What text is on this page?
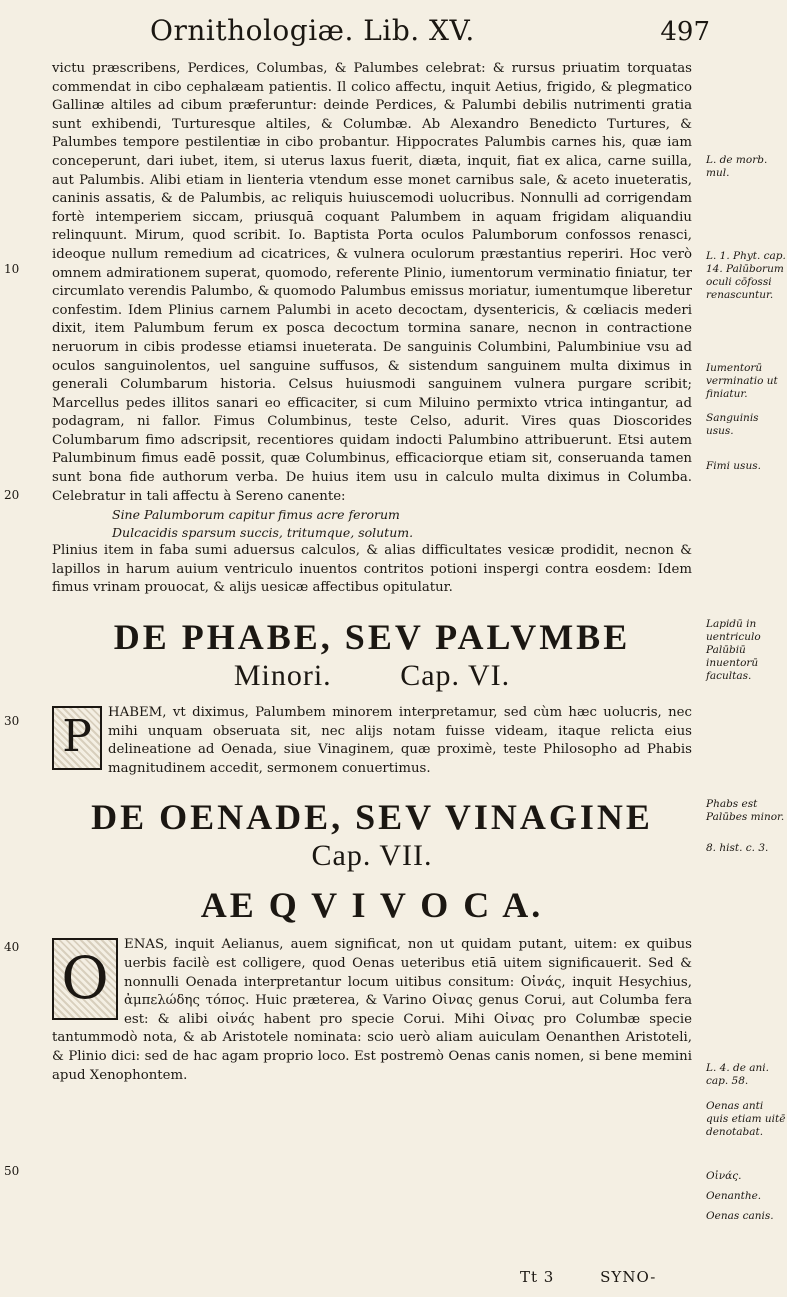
Ornithologiæ. Lib. XV.	497
10
20
30
40
50

victu præscribens, Perdices, Columbas, & Palumbes celebrat: & rursus priuatim torquatas commendat in cibo cephalæam patientis. Il colico affectu, inquit Aetius, frigido, & plegmatico Gallinæ altiles ad cibum præferuntur: deinde Perdices, & Palumbi debilis nutrimenti gratia sunt exhibendi, Turturesque altiles, & Columbæ. Ab Alexandro Benedicto Turtures, & Palumbes tempore pestilentiæ in cibo probantur. Hippocrates Palumbis carnes his, quæ iam conceperunt, dari iubet, item, si uterus laxus fuerit, diæta, inquit, fiat ex alica, carne suilla, aut Palumbis. Alibi etiam in lienteria vtendum esse monet carnibus sale, & aceto inueteratis, caninis assatis, & de Palumbis, ac reliquis huiuscemodi uolucribus. Nonnulli ad corrigendam fortè intemperiem siccam, priusquā coquant Palumbem in aquam frigidam aliquandiu relinquunt. Mirum, quod scribit. Io. Baptista Porta oculos Palumborum confossos renasci, ideoque nullum remedium ad cicatrices, & vulnera oculorum præstantius reperiri. Hoc verò omnem admirationem superat, quomodo, referente Plinio, iumentorum verminatio finiatur, ter circumlato verendis Palumbo, & quomodo Palumbus emissus moriatur, iumentumque liberetur confestim. Idem Plinius carnem Palumbi in aceto decoctam, dysentericis, & cœliacis mederi dixit, item Palumbum ferum ex posca decoctum tormina sanare, necnon in contractione neruorum in cibis prodesse etiamsi inueterata. De sanguinis Columbini, Palumbiniue vsu ad oculos sanguinolentos, uel sanguine suffusos, & sistendum sanguinem multa diximus in generali Columbarum historia. Celsus huiusmodi sanguinem vulnera purgare scribit; Marcellus pedes illitos sanari eo efficaciter, si cum Miluino permixto vtrica intingantur, ad podagram, ni fallor. Fimus Columbinus, teste Celso, adurit. Vires quas Dioscorides Columbarum fimo adscripsit, recentiores quidam indocti Palumbino attribuerunt. Etsi autem Palumbinum fimus eadē possit, quæ Columbinus, efficaciorque etiam sit, conseruanda tamen sunt bona fide authorum verba. De huius item usu in calculo multa diximus in Columba. Celebratur in tali affectu à Sereno canente:

Sine Palumborum capitur fimus acre ferorum

Dulcacidis sparsum succis, tritumque, solutum.

Plinius item in faba sumi aduersus calculos, & alias difficultates vesicæ prodidit, necnon & lapillos in harum auium ventriculo inuentos contritos potioni inspergi contra eosdem: Idem fimus vrinam prouocat, & alijs uesicæ affectibus opitulatur.

DE PHABE, SEV PALVMBE
Minori. Cap. VI.

P	HABEM, vt diximus, Palumbem minorem interpretamur, sed cùm hæc uolucris, nec mihi unquam obseruata sit, nec alijs notam fuisse videam, itaque relicta eius delineatione ad Oenada, siue Vinaginem, quæ proximè, teste Philosopho ad Phabis magnitudinem accedit, sermonem conuertimus.

DE OENADE, SEV VINAGINE
Cap. VII.
AE Q V I V O C A.

O	ENAS, inquit Aelianus, auem significat, non ut quidam putant, uitem: ex quibus uerbis facilè est colligere, quod Oenas ueteribus etiā uitem significauerit. Sed & nonnulli Oenada interpretantur locum uitibus consitum: Οἰνάς, inquit Hesychius, ἀμπελώδης τόπος. Huic præterea, & Varino Οἰνας genus Corui, aut Columba fera est: & alibi οἰνάς habent pro specie Corui. Mihi Οἰνας pro Columbæ specie tantummodò nota, & ab Aristotele nominata: scio uerò aliam auiculam Oenanthen Aristoteli, & Plinio dici: sed de hac agam proprio loco. Est postremò Oenas canis nomen, si bene memini apud Xenophontem.

L. de morb. mul.
L. 1. Phyt. cap. 14. Palūborum oculi cōfossi renascuntur.
Iumentorū verminatio ut finiatur.
Sanguinis usus.
Fimi usus.
Lapidū in uentriculo Palūbiū inuentorū facultas.
Phabs est Palūbes minor.
8. hist. c. 3.
L. 4. de ani. cap. 58.
Oenas anti quis etiam uitē denotabat.
Οἰνάς.
Oenanthe.
Oenas canis.
Tt 3	SYNO-
